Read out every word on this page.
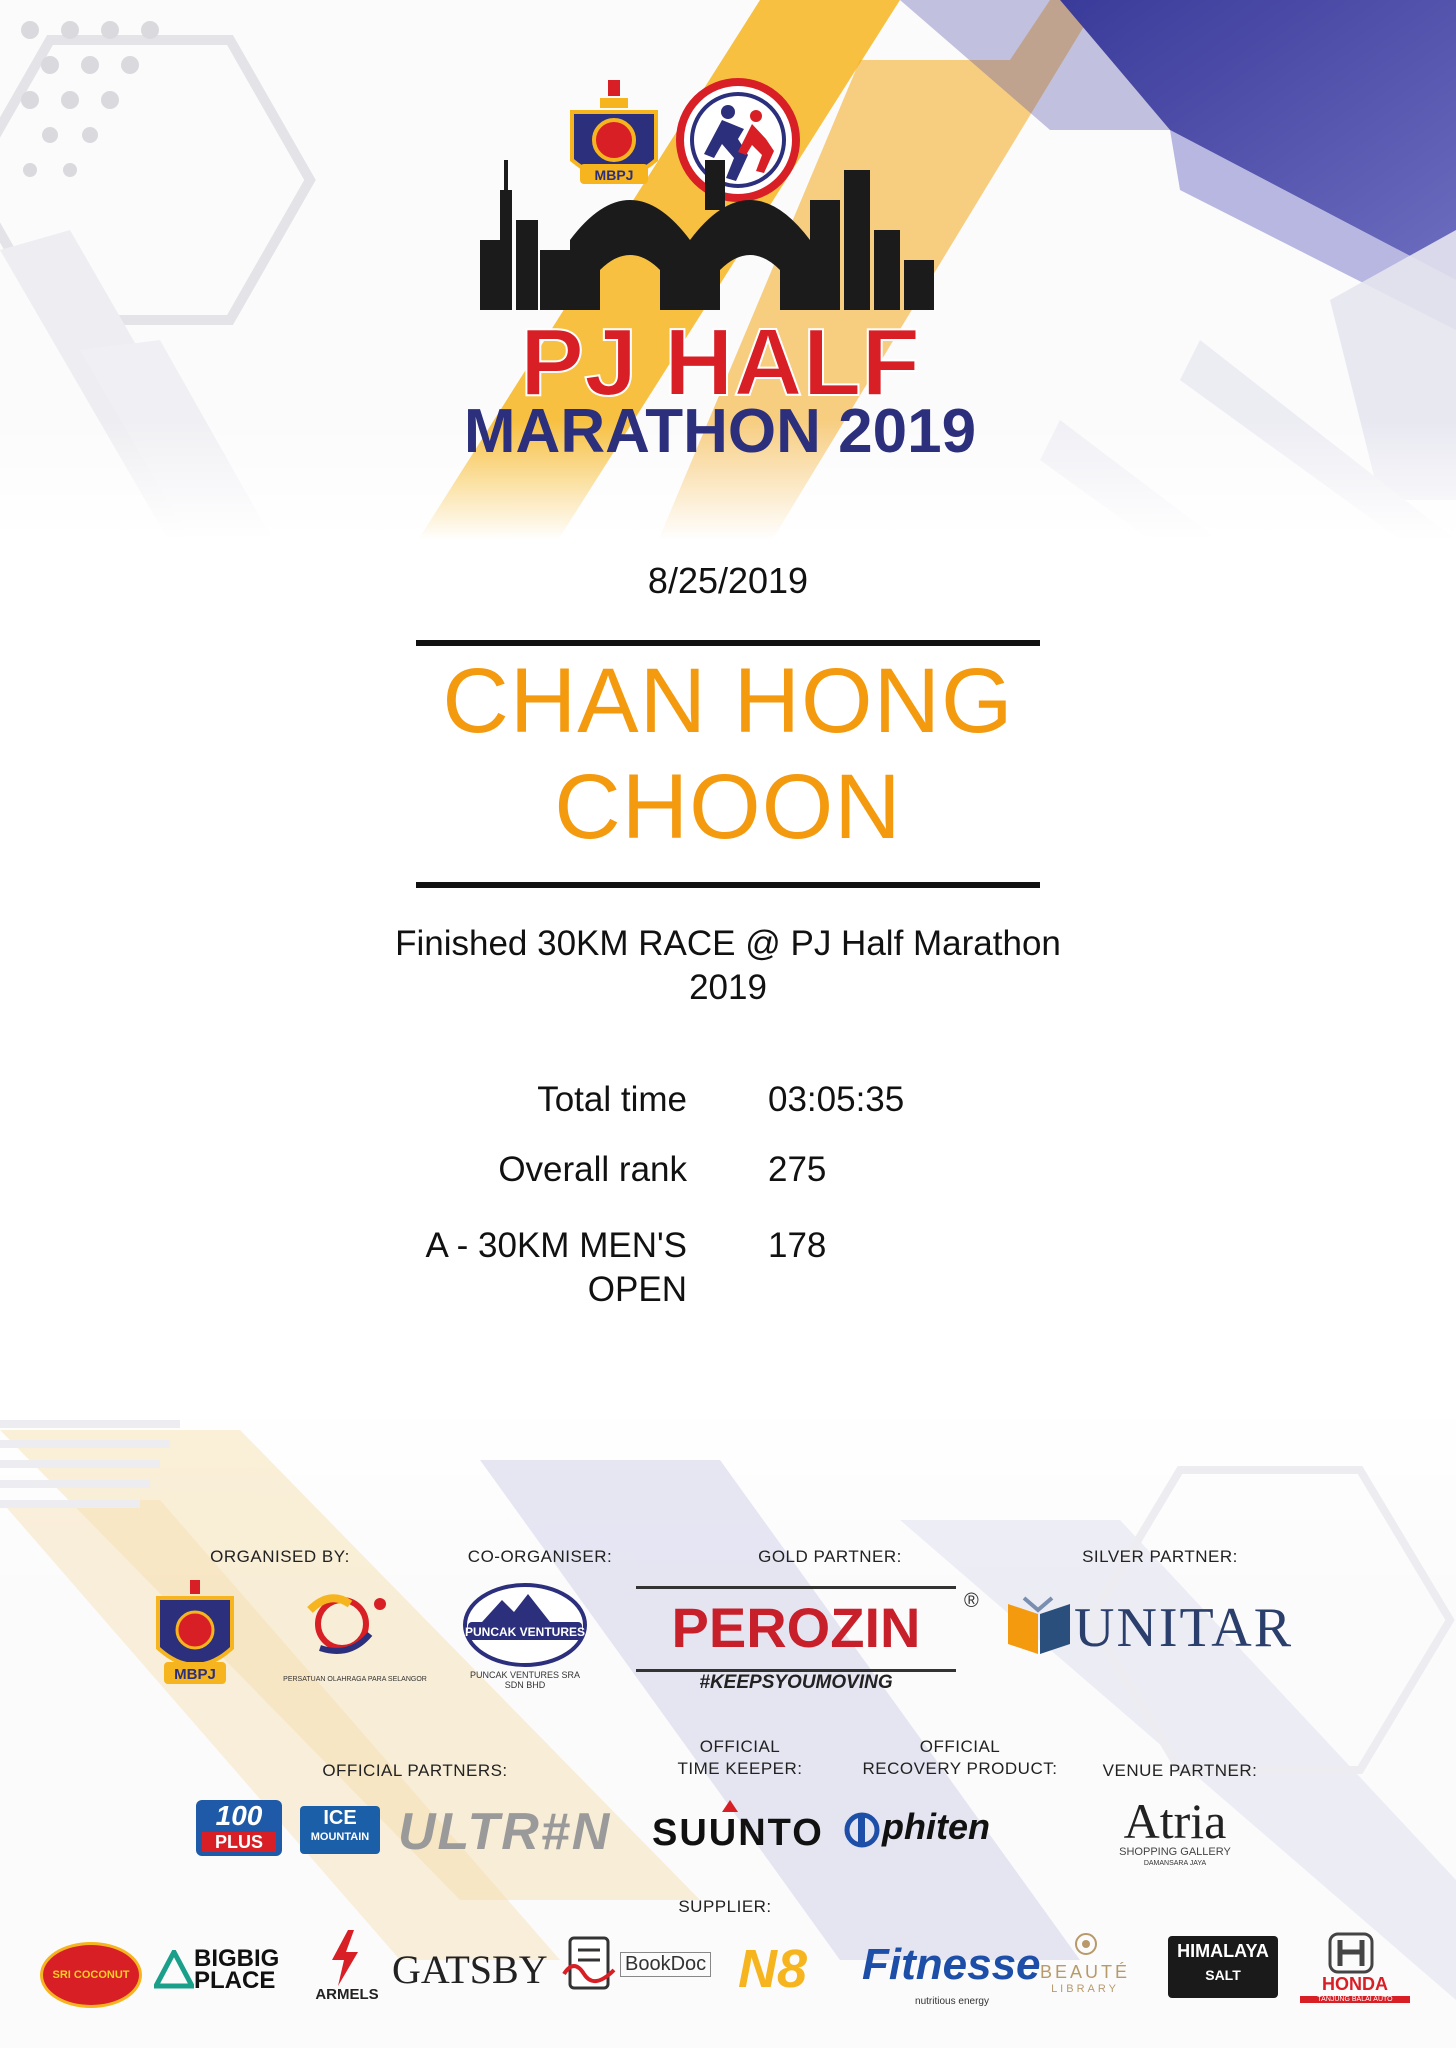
MBPJ
PJ HALF
MARATHON 2019
8/25/2019
CHAN HONG
CHOON
Finished 30KM RACE @ PJ Half Marathon
2019
Total time 03:05:35
Overall rank 275
A - 30KM MEN'S
OPEN
178
ORGANISED BY:	CO-ORGANISER:	GOLD PARTNER:	SILVER PARTNER:
MBPJ	PERSATUAN OLAHRAGA PARA SELANGOR
PUNCAK VENTURES
PUNCAK VENTURES SRA
SDN BHD
PEROZIN	®
#KEEPSYOUMOVING
UNITAR
OFFICIAL PARTNERS:
OFFICIAL
TIME KEEPER:
OFFICIAL
RECOVERY PRODUCT:	VENUE PARTNER:
100
PLUS
ICE
MOUNTAIN ULTR#N SUUNTO phiten	Atria
SHOPPING GALLERY
DAMANSARA JAYA
SUPPLIER:
SRI COCONUT
BIGBIG
PLACE
ARMELS
GATSBY	BookDoc N8 Fitnesse
nutritious energy
BEAUTÉ
LIBRARY
HIMALAYA
SALT	HONDA
TANJUNG BALAI AUTO
